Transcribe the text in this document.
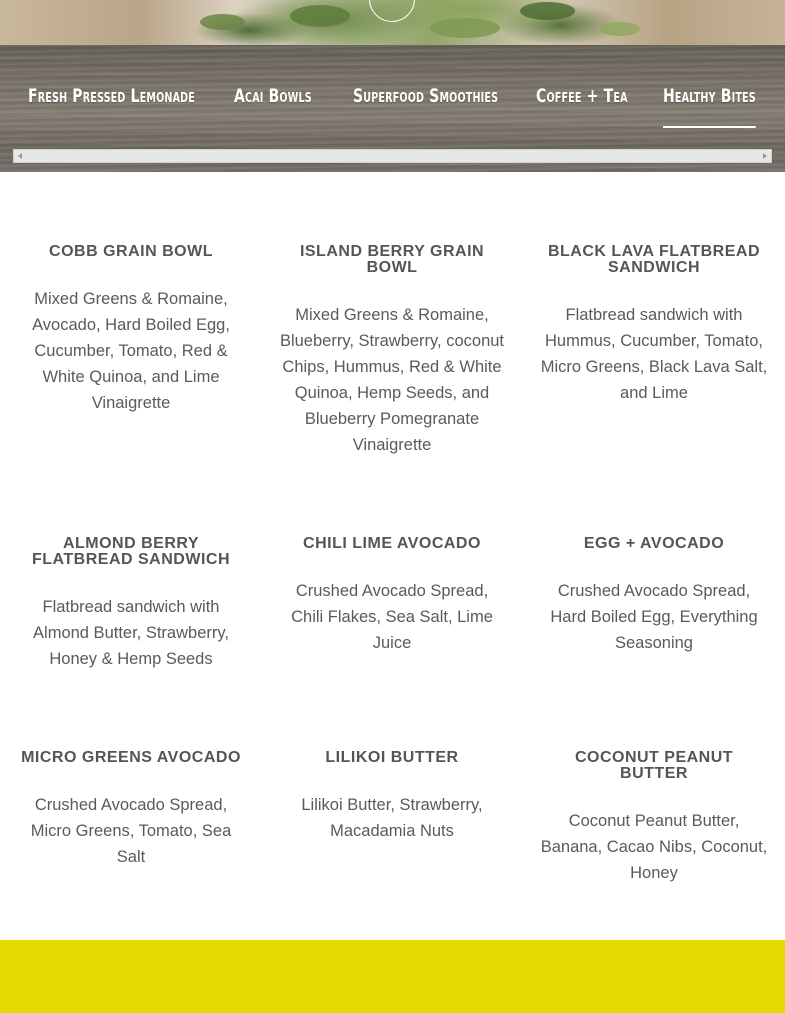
Fresh Pressed Lemonade Acai Bowls Superfood Smoothies Coffee + Tea Healthy Bites
COBB GRAIN BOWL

Mixed Greens & Romaine, Avocado, Hard Boiled Egg, Cucumber, Tomato, Red & White Quinoa, and Lime Vinaigrette

ISLAND BERRY GRAIN BOWL

Mixed Greens & Romaine, Blueberry, Strawberry, coconut Chips, Hummus, Red & White Quinoa, Hemp Seeds, and Blueberry Pomegranate Vinaigrette

BLACK LAVA FLATBREAD SANDWICH

Flatbread sandwich with Hummus, Cucumber, Tomato, Micro Greens, Black Lava Salt, and Lime

ALMOND BERRY FLATBREAD SANDWICH

Flatbread sandwich with Almond Butter, Strawberry, Honey & Hemp Seeds

CHILI LIME AVOCADO

Crushed Avocado Spread, Chili Flakes, Sea Salt, Lime Juice

EGG + AVOCADO

Crushed Avocado Spread, Hard Boiled Egg, Everything Seasoning

MICRO GREENS AVOCADO

Crushed Avocado Spread, Micro Greens, Tomato, Sea Salt

LILIKOI BUTTER

Lilikoi Butter, Strawberry, Macadamia Nuts

COCONUT PEANUT BUTTER

Coconut Peanut Butter, Banana, Cacao Nibs, Coconut, Honey
